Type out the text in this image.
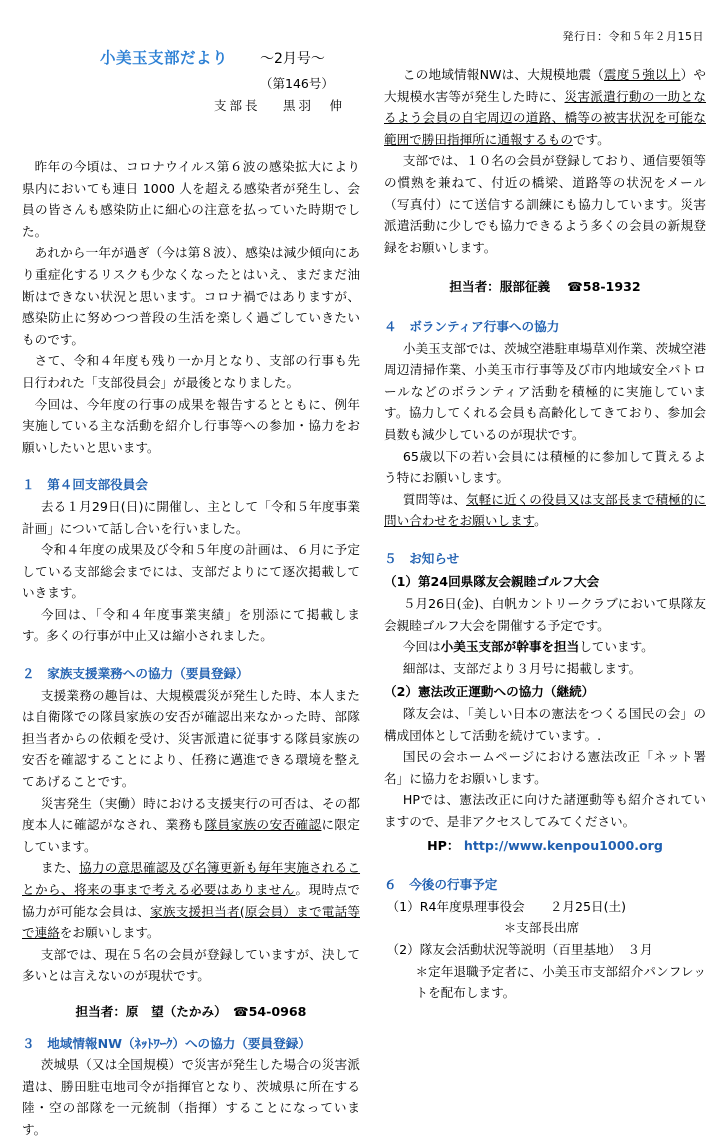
発行日：令和５年２月15日
小美玉支部だより ～2月号～
（第146号）
支部長　 黒羽　伸

昨年の今頃は、コロナウイルス第６波の感染拡大により県内においても連日 1000 人を超える感染者が発生し、会員の皆さんも感染防止に細心の注意を払っていた時期でした。

あれから一年が過ぎ（今は第８波）、感染は減少傾向にあり重症化するリスクも少なくなったとはいえ、まだまだ油断はできない状況と思います。コロナ禍ではありますが、感染防止に努めつつ普段の生活を楽しく過ごしていきたいものです。

さて、令和４年度も残り一か月となり、支部の行事も先日行われた「支部役員会」が最後となりました。

今回は、今年度の行事の成果を報告するとともに、例年実施している主な活動を紹介し行事等への参加・協力をお願いしたいと思います。

１　第４回支部役員会

去る１月29日(日)に開催し、主として「令和５年度事業計画」について話し合いを行いました。

令和４年度の成果及び令和５年度の計画は、６月に予定している支部総会までには、支部だよりにて逐次掲載していきます。

今回は、「令和４年度事業実績」を別添にて掲載します。多くの行事が中止又は縮小されました。

２　家族支援業務への協力（要員登録）

支援業務の趣旨は、大規模震災が発生した時、本人または自衛隊での隊員家族の安否が確認出来なかった時、部隊担当者からの依頼を受け、災害派遣に従事する隊員家族の安否を確認することにより、任務に邁進できる環境を整えてあげることです。

災害発生（実働）時における支援実行の可否は、その都度本人に確認がなされ、業務も隊員家族の安否確認に限定しています。

また、協力の意思確認及び名簿更新も毎年実施されることから、将来の事まで考える必要はありません。現時点で協力が可能な会員は、家族支援担当者(原会員）まで電話等で連絡をお願いします。

支部では、現在５名の会員が登録していますが、決して多いとは言えないのが現状です。

担当者：原　望（たかみ）　☎54-0968
３　地域情報NW（ﾈｯﾄﾜｰｸ）への協力（要員登録）

茨城県（又は全国規模）で災害が発生した場合の災害派遣は、勝田駐屯地司令が指揮官となり、茨城県に所在する陸・空の部隊を一元統制（指揮）することになっています。

この地域情報NWは、大規模地震（震度５強以上）や大規模水害等が発生した時に、災害派遣行動の一助となるよう会員の自宅周辺の道路、橋等の被害状況を可能な範囲で勝田指揮所に通報するものです。

支部では、１０名の会員が登録しており、通信要領等の慣熟を兼ねて、付近の橋梁、道路等の状況をメール（写真付）にて送信する訓練にも協力しています。災害派遣活動に少しでも協力できるよう多くの会員の新規登録をお願いします。

担当者：服部征義　 ☎58-1932
４　ボランティア行事への協力

小美玉支部では、茨城空港駐車場草刈作業、茨城空港周辺清掃作業、小美玉市行事等及び市内地域安全パトロールなどのボランティア活動を積極的に実施しています。協力してくれる会員も高齢化してきており、参加会員数も減少しているのが現状です。

65歳以下の若い会員には積極的に参加して貰えるよう特にお願いします。

質問等は、気軽に近くの役員又は支部長まで積極的に問い合わせをお願いします。

５　お知らせ
（1）第24回県隊友会親睦ゴルフ大会

５月26日(金)、白帆カントリークラブにおいて県隊友会親睦ゴルフ大会を開催する予定です。

今回は小美玉支部が幹事を担当しています。

細部は、支部だより３月号に掲載します。

（2）憲法改正運動への協力（継続）

隊友会は、「美しい日本の憲法をつくる国民の会」の構成団体として活動を続けています。.

国民の会ホームページにおける憲法改正「ネット署名」に協力をお願いします。

HPでは、憲法改正に向けた諸運動等も紹介されていますので、是非アクセスしてみてください。

HP： http://www.kenpou1000.org
６　今後の行事予定
（1）R4年度県理事役会　　２月25日(土)
＊支部長出席
（2）隊友会活動状況等説明（百里基地）　３月

＊定年退職予定者に、小美玉市支部紹介パンフレットを配布します。
